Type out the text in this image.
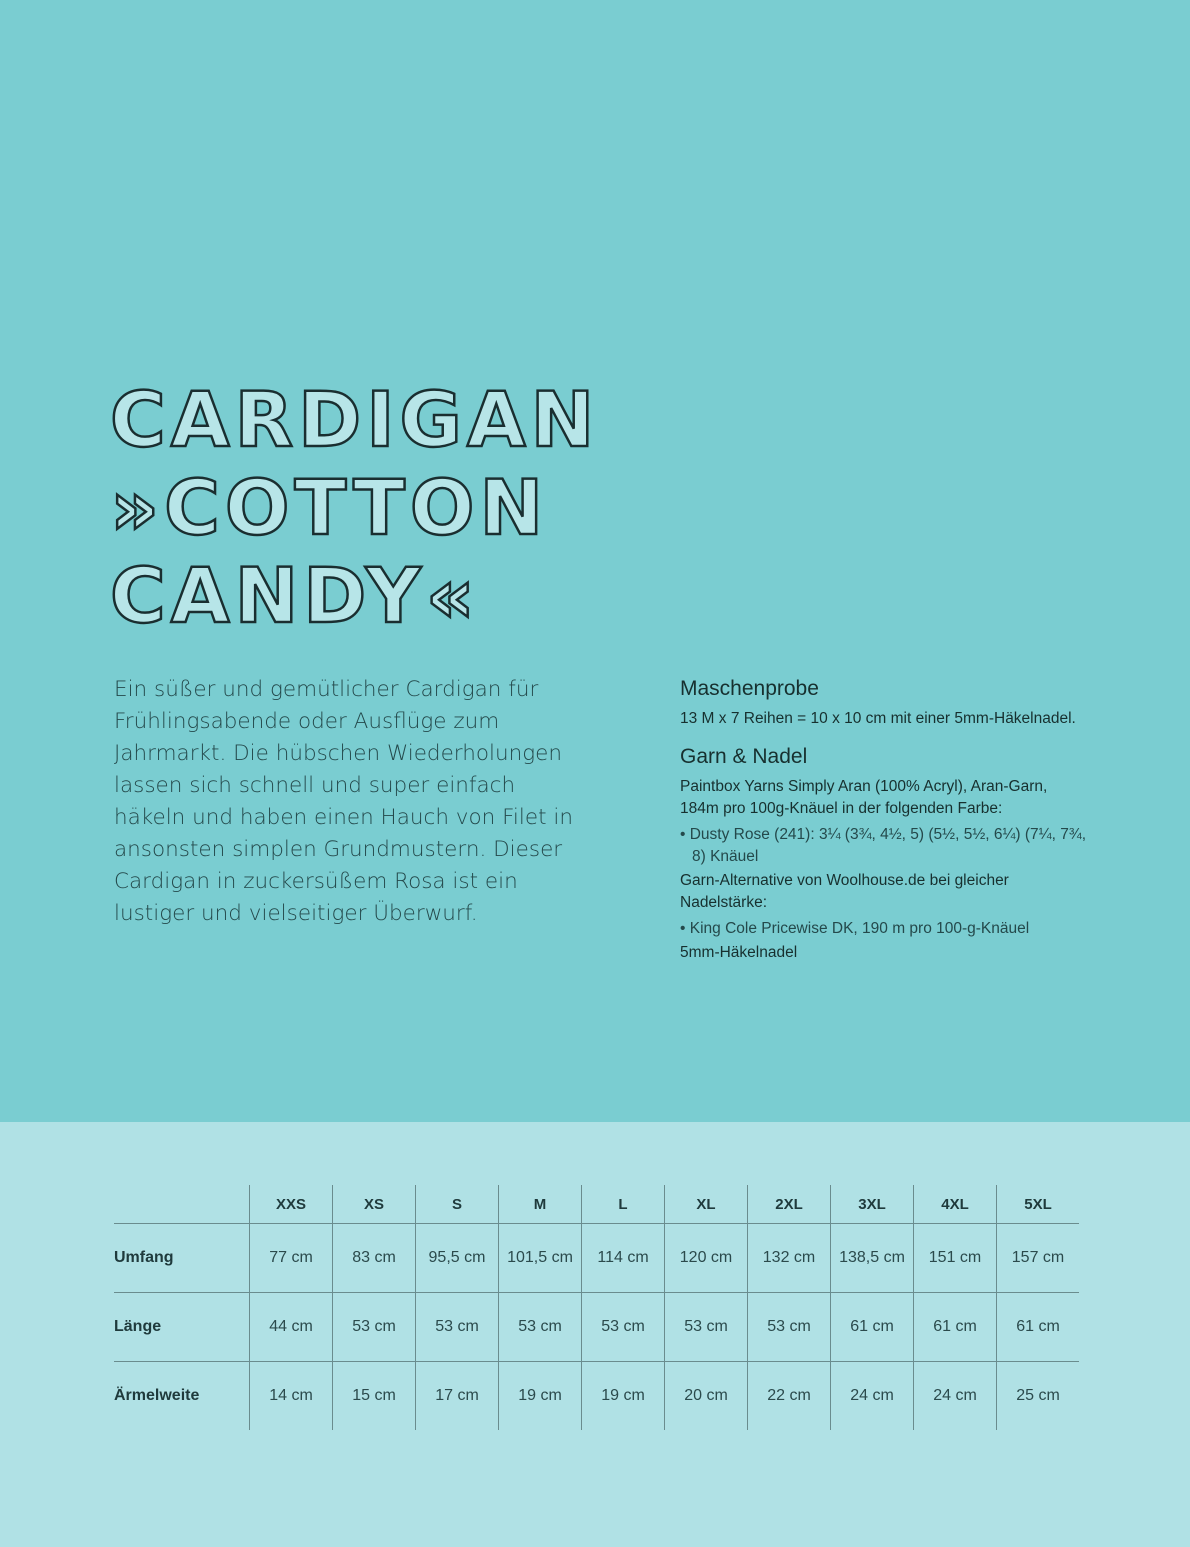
CARDIGAN
»COTTON
CANDY«

Ein süßer und gemütlicher Cardigan für Frühlingsabende oder Ausflüge zum Jahrmarkt. Die hübschen Wiederholungen lassen sich schnell und super einfach häkeln und haben einen Hauch von Filet in ansonsten simplen Grundmustern. Dieser Cardigan in zuckersüßem Rosa ist ein lustiger und vielseitiger Überwurf.

Maschenprobe

13 M x 7 Reihen = 10 x 10 cm mit einer 5mm-Häkelnadel.

Garn & Nadel

Paintbox Yarns Simply Aran (100% Acryl), Aran-Garn, 184m pro 100g-Knäuel in der folgenden Farbe:

• Dusty Rose (241): 3¼ (3¾, 4½, 5) (5½, 5½, 6¼) (7¼, 7¾, 8) Knäuel

Garn-Alternative von Woolhouse.de bei gleicher Nadelstärke:

• King Cole Pricewise DK, 190 m pro 100-g-Knäuel

5mm-Häkelnadel

	XXS	XS	S	M	L	XL	2XL	3XL	4XL	5XL
Umfang	77 cm	83 cm	95,5 cm	101,5 cm	114 cm	120 cm	132 cm	138,5 cm	151 cm	157 cm
Länge	44 cm	53 cm	53 cm	53 cm	53 cm	53 cm	53 cm	61 cm	61 cm	61 cm
Ärmelweite	14 cm	15 cm	17 cm	19 cm	19 cm	20 cm	22 cm	24 cm	24 cm	25 cm
